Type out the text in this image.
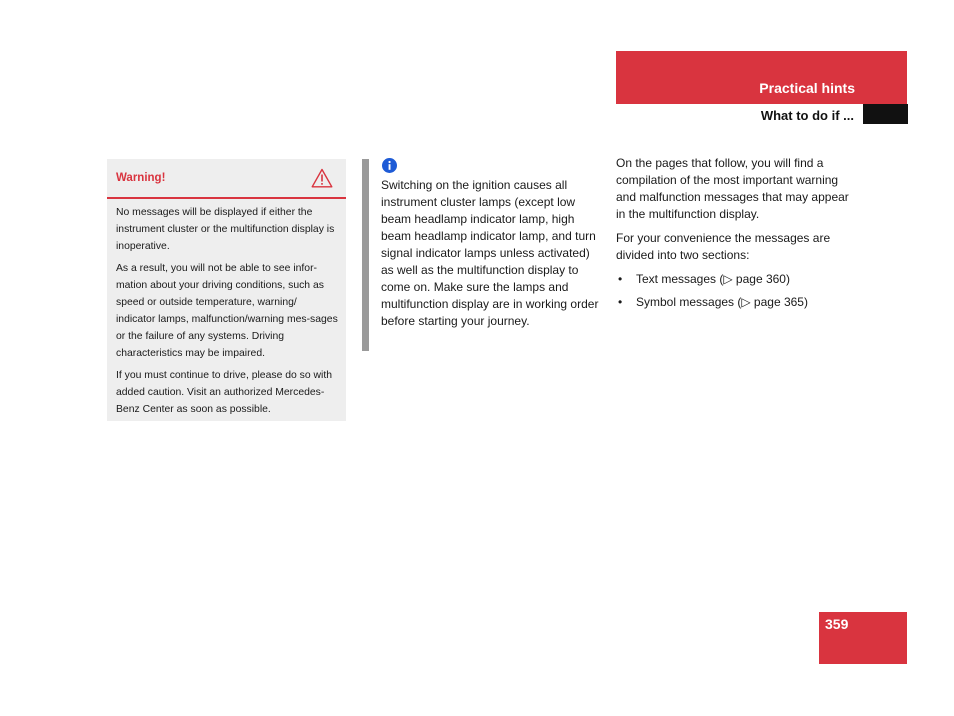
Practical hints
What to do if ...
Warning!

No messages will be displayed if either the instrument cluster or the multifunction display is inoperative.

As a result, you will not be able to see infor-mation about your driving conditions, such as speed or outside temperature, warning/ indicator lamps, malfunction/warning mes-sages or the failure of any systems. Driving characteristics may be impaired.

If you must continue to drive, please do so with added caution. Visit an authorized Mercedes-Benz Center as soon as possible.

Switching on the ignition causes all instrument cluster lamps (except low beam headlamp indicator lamp, high beam headlamp indicator lamp, and turn signal indicator lamps unless activated) as well as the multifunction display to come on. Make sure the lamps and multifunction display are in working order before starting your journey.

On the pages that follow, you will find a compilation of the most important warning and malfunction messages that may appear in the multifunction display.

For your convenience the messages are divided into two sections:

• Text messages (▷ page 360)
• Symbol messages (▷ page 365)
359
